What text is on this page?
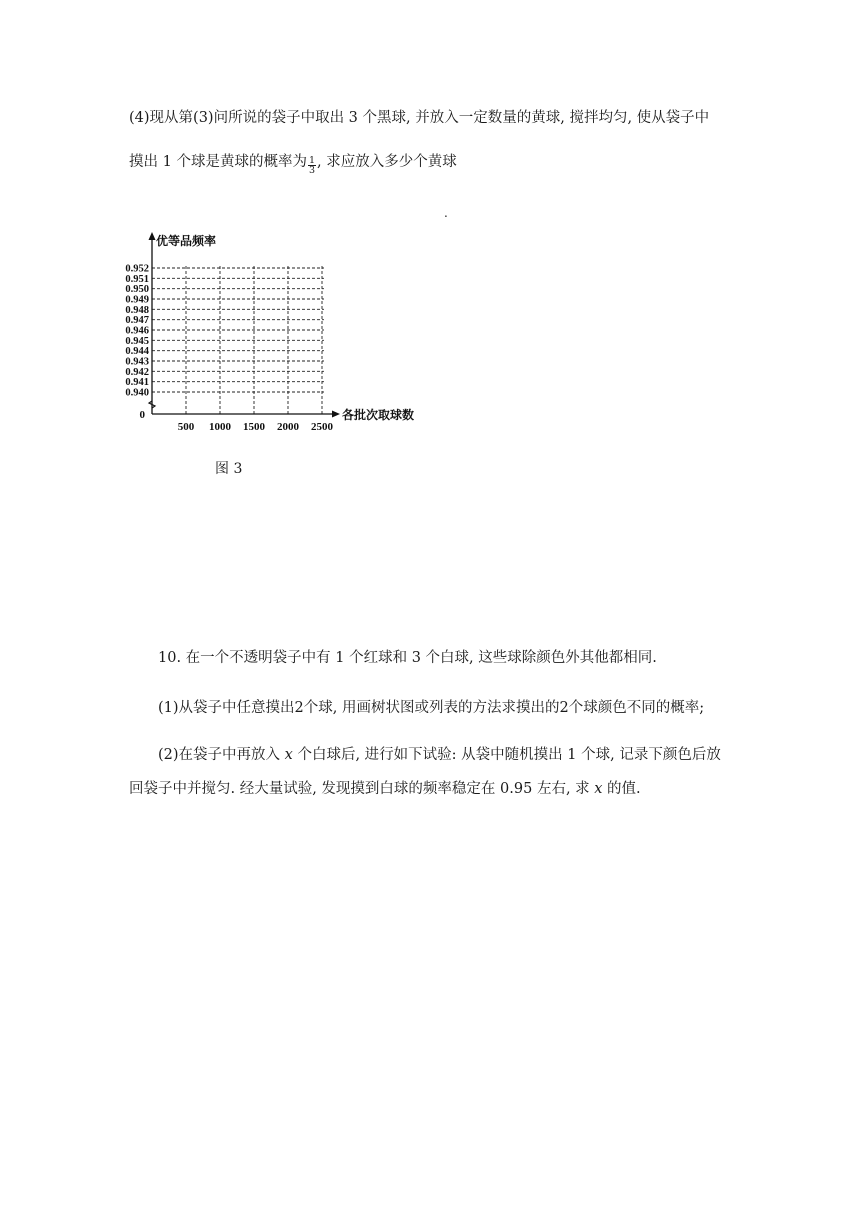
(4)现从第(3)问所说的袋子中取出 3 个黑球, 并放入一定数量的黄球, 搅拌均匀, 使从袋子中

摸出 1 个球是黄球的概率为 $\frac{1}{3}$ , 求应放入多少个黄球

.
0.940
0.941
0.942
0.943
0.944
0.945
0.946
0.947
0.948
0.949
0.950
0.951
0.952
500 1000 1500 2000 2500
0
优等品频率
各批次取球数
图 3

10. 在一个不透明袋子中有 1 个红球和 3 个白球, 这些球除颜色外其他都相同.

(1)从袋子中任意摸出2个球, 用画树状图或列表的方法求摸出的2个球颜色不同的概率;

(2)在袋子中再放入 x 个白球后, 进行如下试验: 从袋中随机摸出 1 个球, 记录下颜色后放

回袋子中并搅匀. 经大量试验, 发现摸到白球的频率稳定在 0.95 左右, 求 x 的值.
